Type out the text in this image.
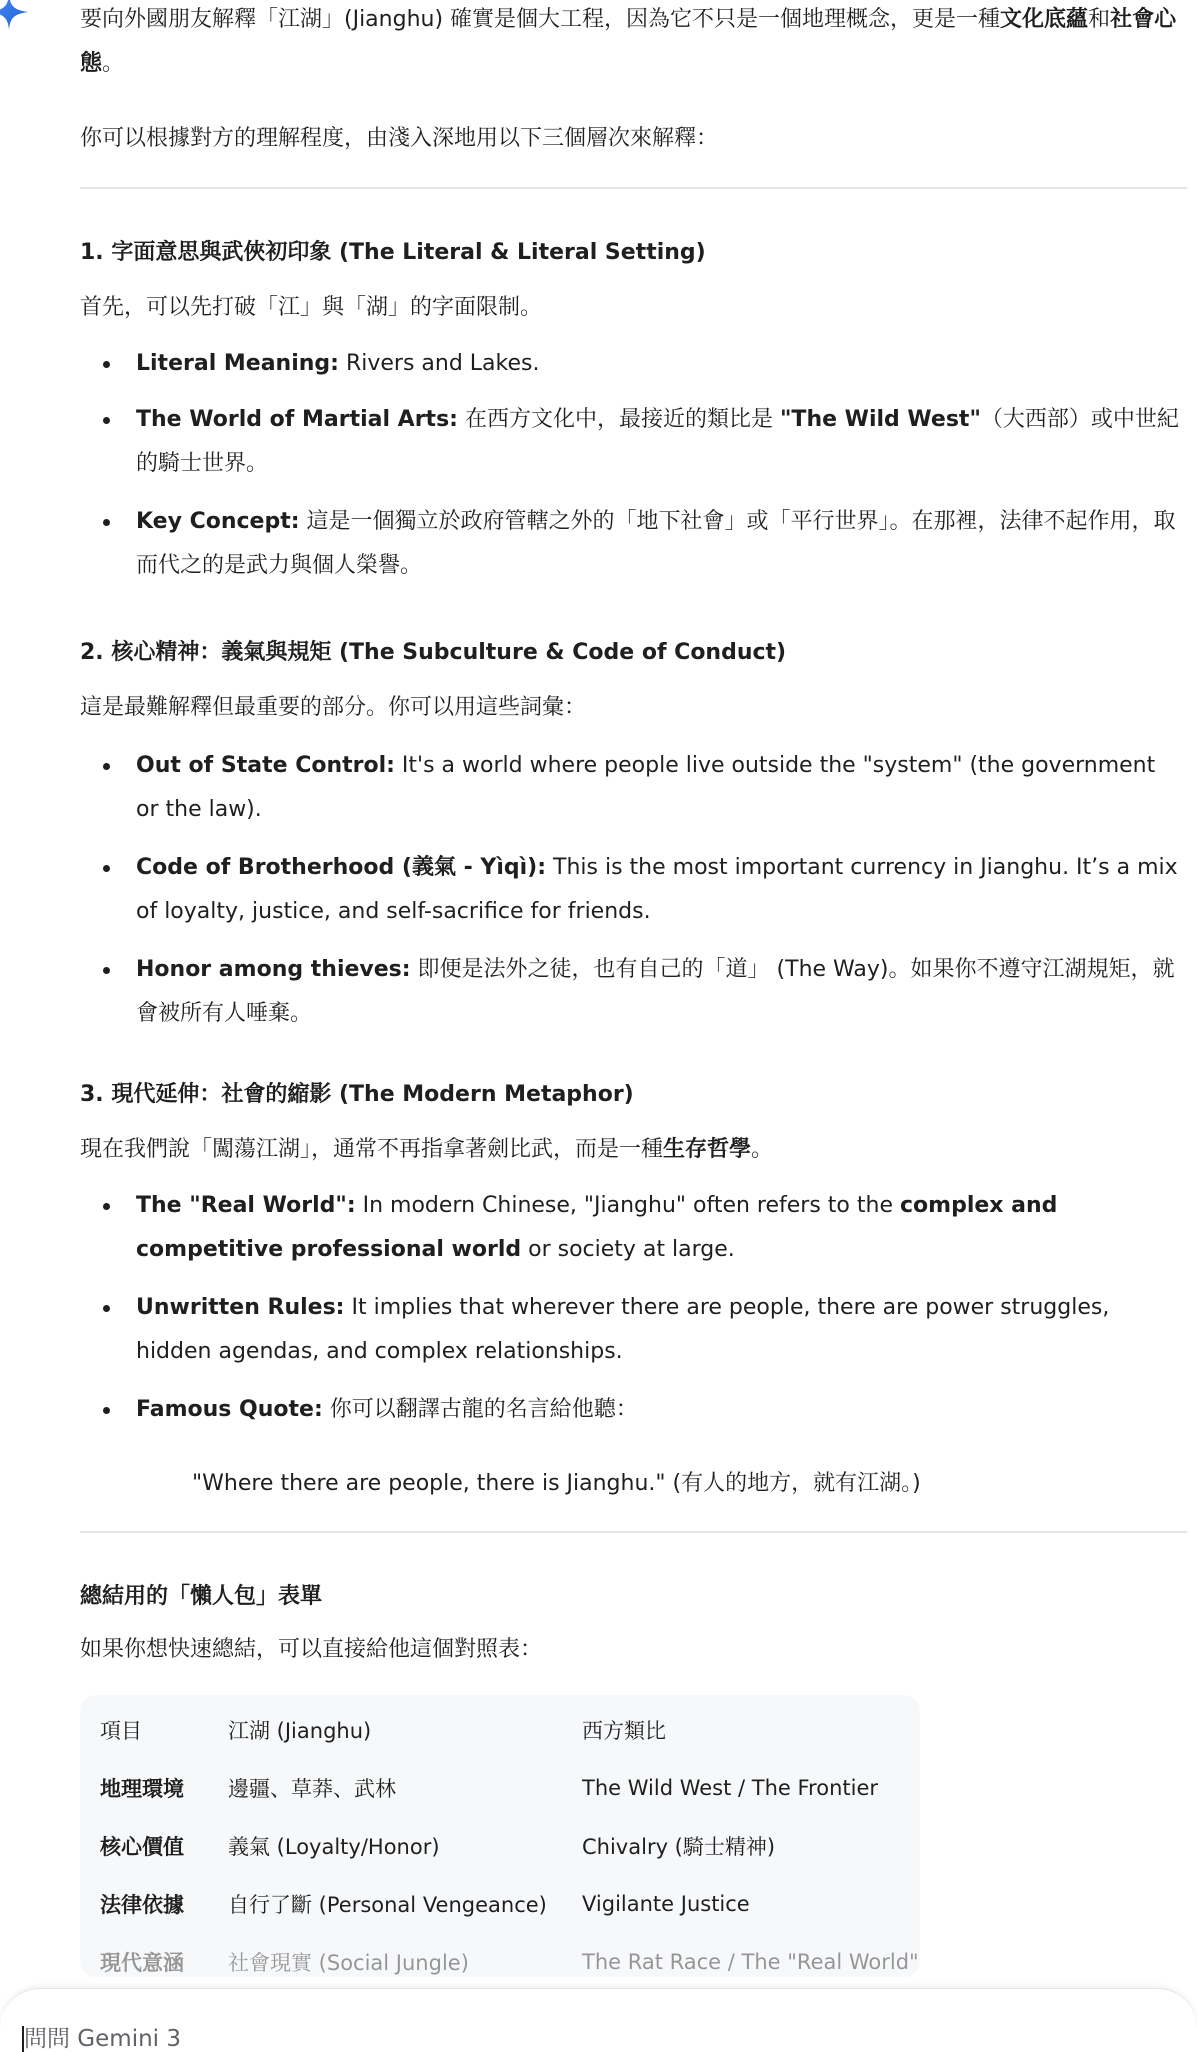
要向外國朋友解釋「江湖」(Jianghu) 確實是個大工程，因為它不只是一個地理概念，更是一種文化底蘊和社會心態。

你可以根據對方的理解程度，由淺入深地用以下三個層次來解釋：

1. 字面意思與武俠初印象 (The Literal & Literal Setting)

首先，可以先打破「江」與「湖」的字面限制。

Literal Meaning: Rivers and Lakes.
The World of Martial Arts: 在西方文化中，最接近的類比是 "The Wild West"（大西部）或中世紀的騎士世界。
Key Concept: 這是一個獨立於政府管轄之外的「地下社會」或「平行世界」。在那裡，法律不起作用，取而代之的是武力與個人榮譽。
2. 核心精神：義氣與規矩 (The Subculture & Code of Conduct)

這是最難解釋但最重要的部分。你可以用這些詞彙：

Out of State Control: It's a world where people live outside the "system" (the government or the law).
Code of Brotherhood (義氣 - Yìqì): This is the most important currency in Jianghu. It’s a mix of loyalty, justice, and self-sacrifice for friends.
Honor among thieves: 即便是法外之徒，也有自己的「道」 (The Way)。如果你不遵守江湖規矩，就會被所有人唾棄。
3. 現代延伸：社會的縮影 (The Modern Metaphor)

現在我們說「闖蕩江湖」，通常不再指拿著劍比武，而是一種生存哲學。

The "Real World": In modern Chinese, "Jianghu" often refers to the complex and competitive professional world or society at large.
Unwritten Rules: It implies that wherever there are people, there are power struggles, hidden agendas, and complex relationships.
Famous Quote: 你可以翻譯古龍的名言給他聽：

"Where there are people, there is Jianghu." (有人的地方，就有江湖。)

總結用的「懶人包」表單

如果你想快速總結，可以直接給他這個對照表：

項目	江湖 (Jianghu)	西方類比
地理環境	邊疆、草莽、武林	The Wild West / The Frontier
核心價值	義氣 (Loyalty/Honor)	Chivalry (騎士精神)
法律依據	自行了斷 (Personal Vengeance)	Vigilante Justice
現代意涵	社會現實 (Social Jungle)	The Rat Race / The "Real World"
問問 Gemini 3
